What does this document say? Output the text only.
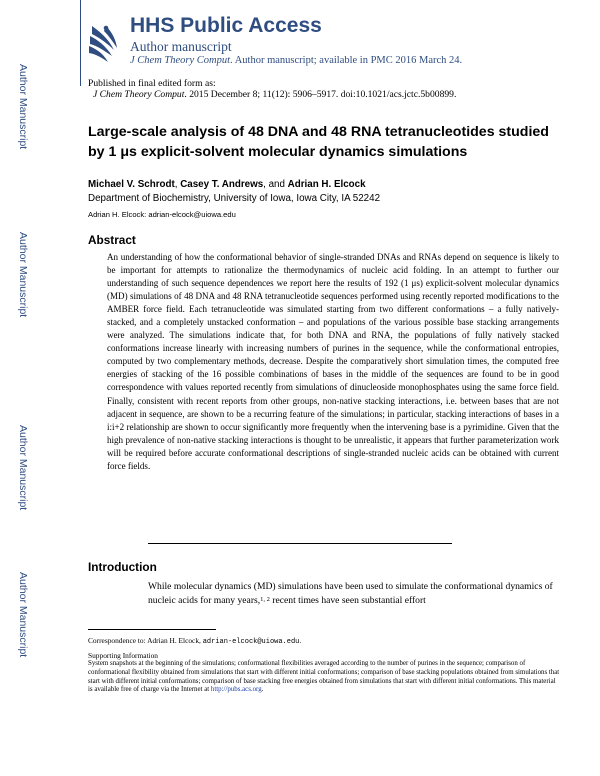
Author Manuscript
Author Manuscript
Author Manuscript
Author Manuscript
HHS Public Access
Author manuscript
J Chem Theory Comput. Author manuscript; available in PMC 2016 March 24.
Published in final edited form as:
J Chem Theory Comput. 2015 December 8; 11(12): 5906–5917. doi:10.1021/acs.jctc.5b00899.
Large-scale analysis of 48 DNA and 48 RNA tetranucleotides studied by 1 μs explicit-solvent molecular dynamics simulations
Michael V. Schrodt, Casey T. Andrews, and Adrian H. Elcock
Department of Biochemistry, University of Iowa, Iowa City, IA 52242
Adrian H. Elcock: adrian-elcock@uiowa.edu
Abstract
An understanding of how the conformational behavior of single-stranded DNAs and RNAs depend on sequence is likely to be important for attempts to rationalize the thermodynamics of nucleic acid folding. In an attempt to further our understanding of such sequence dependences we report here the results of 192 (1 μs) explicit-solvent molecular dynamics (MD) simulations of 48 DNA and 48 RNA tetranucleotide sequences performed using recently reported modifications to the AMBER force field. Each tetranucleotide was simulated starting from two different conformations – a fully natively-stacked, and a completely unstacked conformation – and populations of the various possible base stacking arrangements were analyzed. The simulations indicate that, for both DNA and RNA, the populations of fully natively stacked conformations increase linearly with increasing numbers of purines in the sequence, while the conformational entropies, computed by two complementary methods, decrease. Despite the comparatively short simulation times, the computed free energies of stacking of the 16 possible combinations of bases in the middle of the sequences are found to be in good correspondence with values reported recently from simulations of dinucleoside monophosphates using the same force field. Finally, consistent with recent reports from other groups, non-native stacking interactions, i.e. between bases that are not adjacent in sequence, are shown to be a recurring feature of the simulations; in particular, stacking interactions of bases in a i:i+2 relationship are shown to occur significantly more frequently when the intervening base is a pyrimidine. Given that the high prevalence of non-native stacking interactions is thought to be unrealistic, it appears that further parameterization work will be required before accurate conformational descriptions of single-stranded nucleic acids can be obtained with current force fields.
Introduction
While molecular dynamics (MD) simulations have been used to simulate the conformational dynamics of nucleic acids for many years,$^{1, 2}$ recent times have seen substantial effort
Correspondence to: Adrian H. Elcock, adrian-elcock@uiowa.edu.
Supporting Information
System snapshots at the beginning of the simulations; conformational flexibilities averaged according to the number of purines in the sequence; comparison of conformational flexibility obtained from simulations that start with different initial conformations; comparison of base stacking populations obtained from simulations that start with different initial conformations; comparison of base stacking free energies obtained from simulations that start with different initial conformations. This material is available free of charge via the Internet at http://pubs.acs.org.
